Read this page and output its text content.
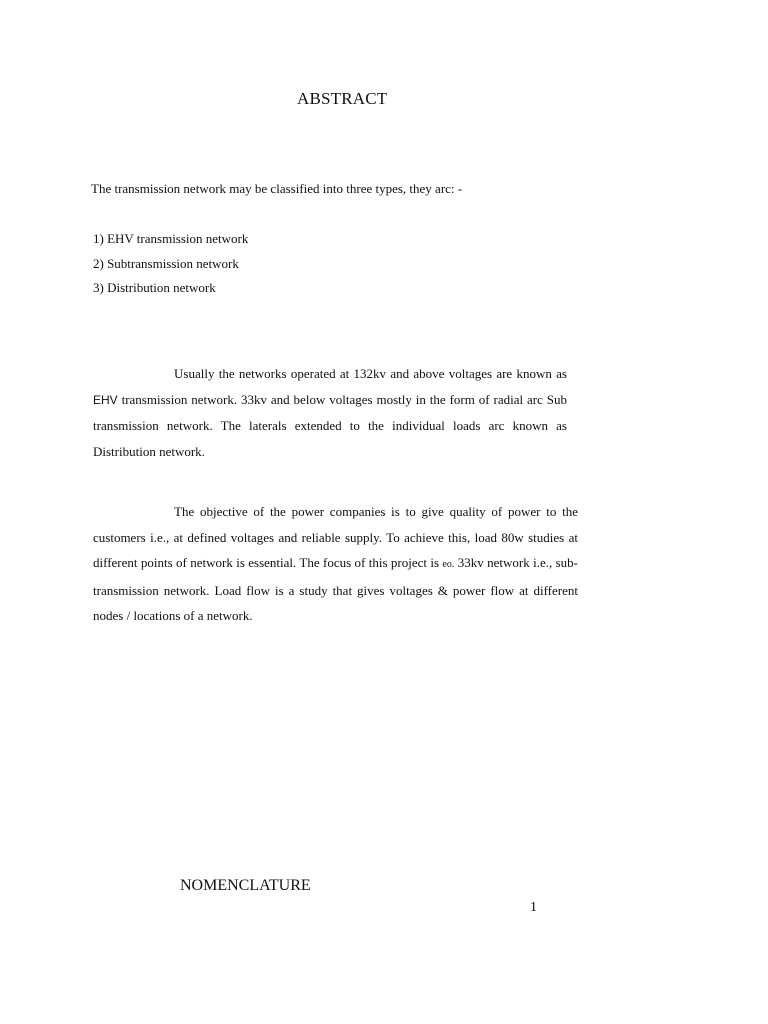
ABSTRACT
The transmission network may be classified into three types, they arc: -
1) EHV transmission network
2) Subtransmission network
3) Distribution network

Usually the networks operated at 132kv and above voltages are known as EHV transmission network. 33kv and below voltages mostly in the form of radial arc Sub transmission network. The laterals extended to the individual loads arc known as Distribution network.

The objective of the power companies is to give quality of power to the customers i.e., at defined voltages and reliable supply. To achieve this, load 80w studies at different points of network is essential. The focus of this project is eo. 33kv network i.e., sub-transmission network. Load flow is a study that gives voltages & power flow at different nodes / locations of a network.

NOMENCLATURE
1
